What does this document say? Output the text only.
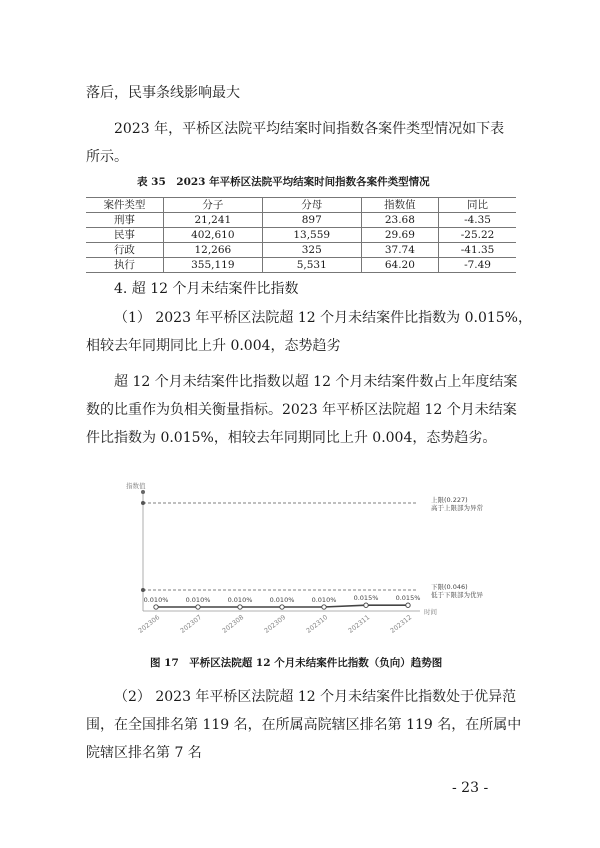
落后，民事条线影响最大

2023 年，平桥区法院平均结案时间指数各案件类型情况如下表

所示。

表 35　2023 年平桥区法院平均结案时间指数各案件类型情况
案件类型	分子	分母	指数值	同比
刑事	21,241	897	23.68	-4.35
民事	402,610	13,559	29.69	-25.22
行政	12,266	325	37.74	-41.35
执行	355,119	5,531	64.20	-7.49
4. 超 12 个月未结案件比指数

（1） 2023 年平桥区法院超 12 个月未结案件比指数为 0.015%，

相较去年同期同比上升 0.004，态势趋劣

超 12 个月未结案件比指数以超 12 个月未结案件数占上年度结案

数的比重作为负相关衡量指标。2023 年平桥区法院超 12 个月未结案

件比指数为 0.015%，相较去年同期同比上升 0.004，态势趋劣。

指数值
时间
上限(0.227)
高于上限部为异常
下限(0.046)
低于下限部为优异
0.010%
202306
0.010%
202307
0.010%
202308
0.010%
202309
0.010%
202310
0.015%
202311
0.015%
202312
图 17　平桥区法院超 12 个月未结案件比指数（负向）趋势图

（2） 2023 年平桥区法院超 12 个月未结案件比指数处于优异范

围，在全国排名第 119 名，在所属高院辖区排名第 119 名，在所属中

院辖区排名第 7 名

- 23 -
